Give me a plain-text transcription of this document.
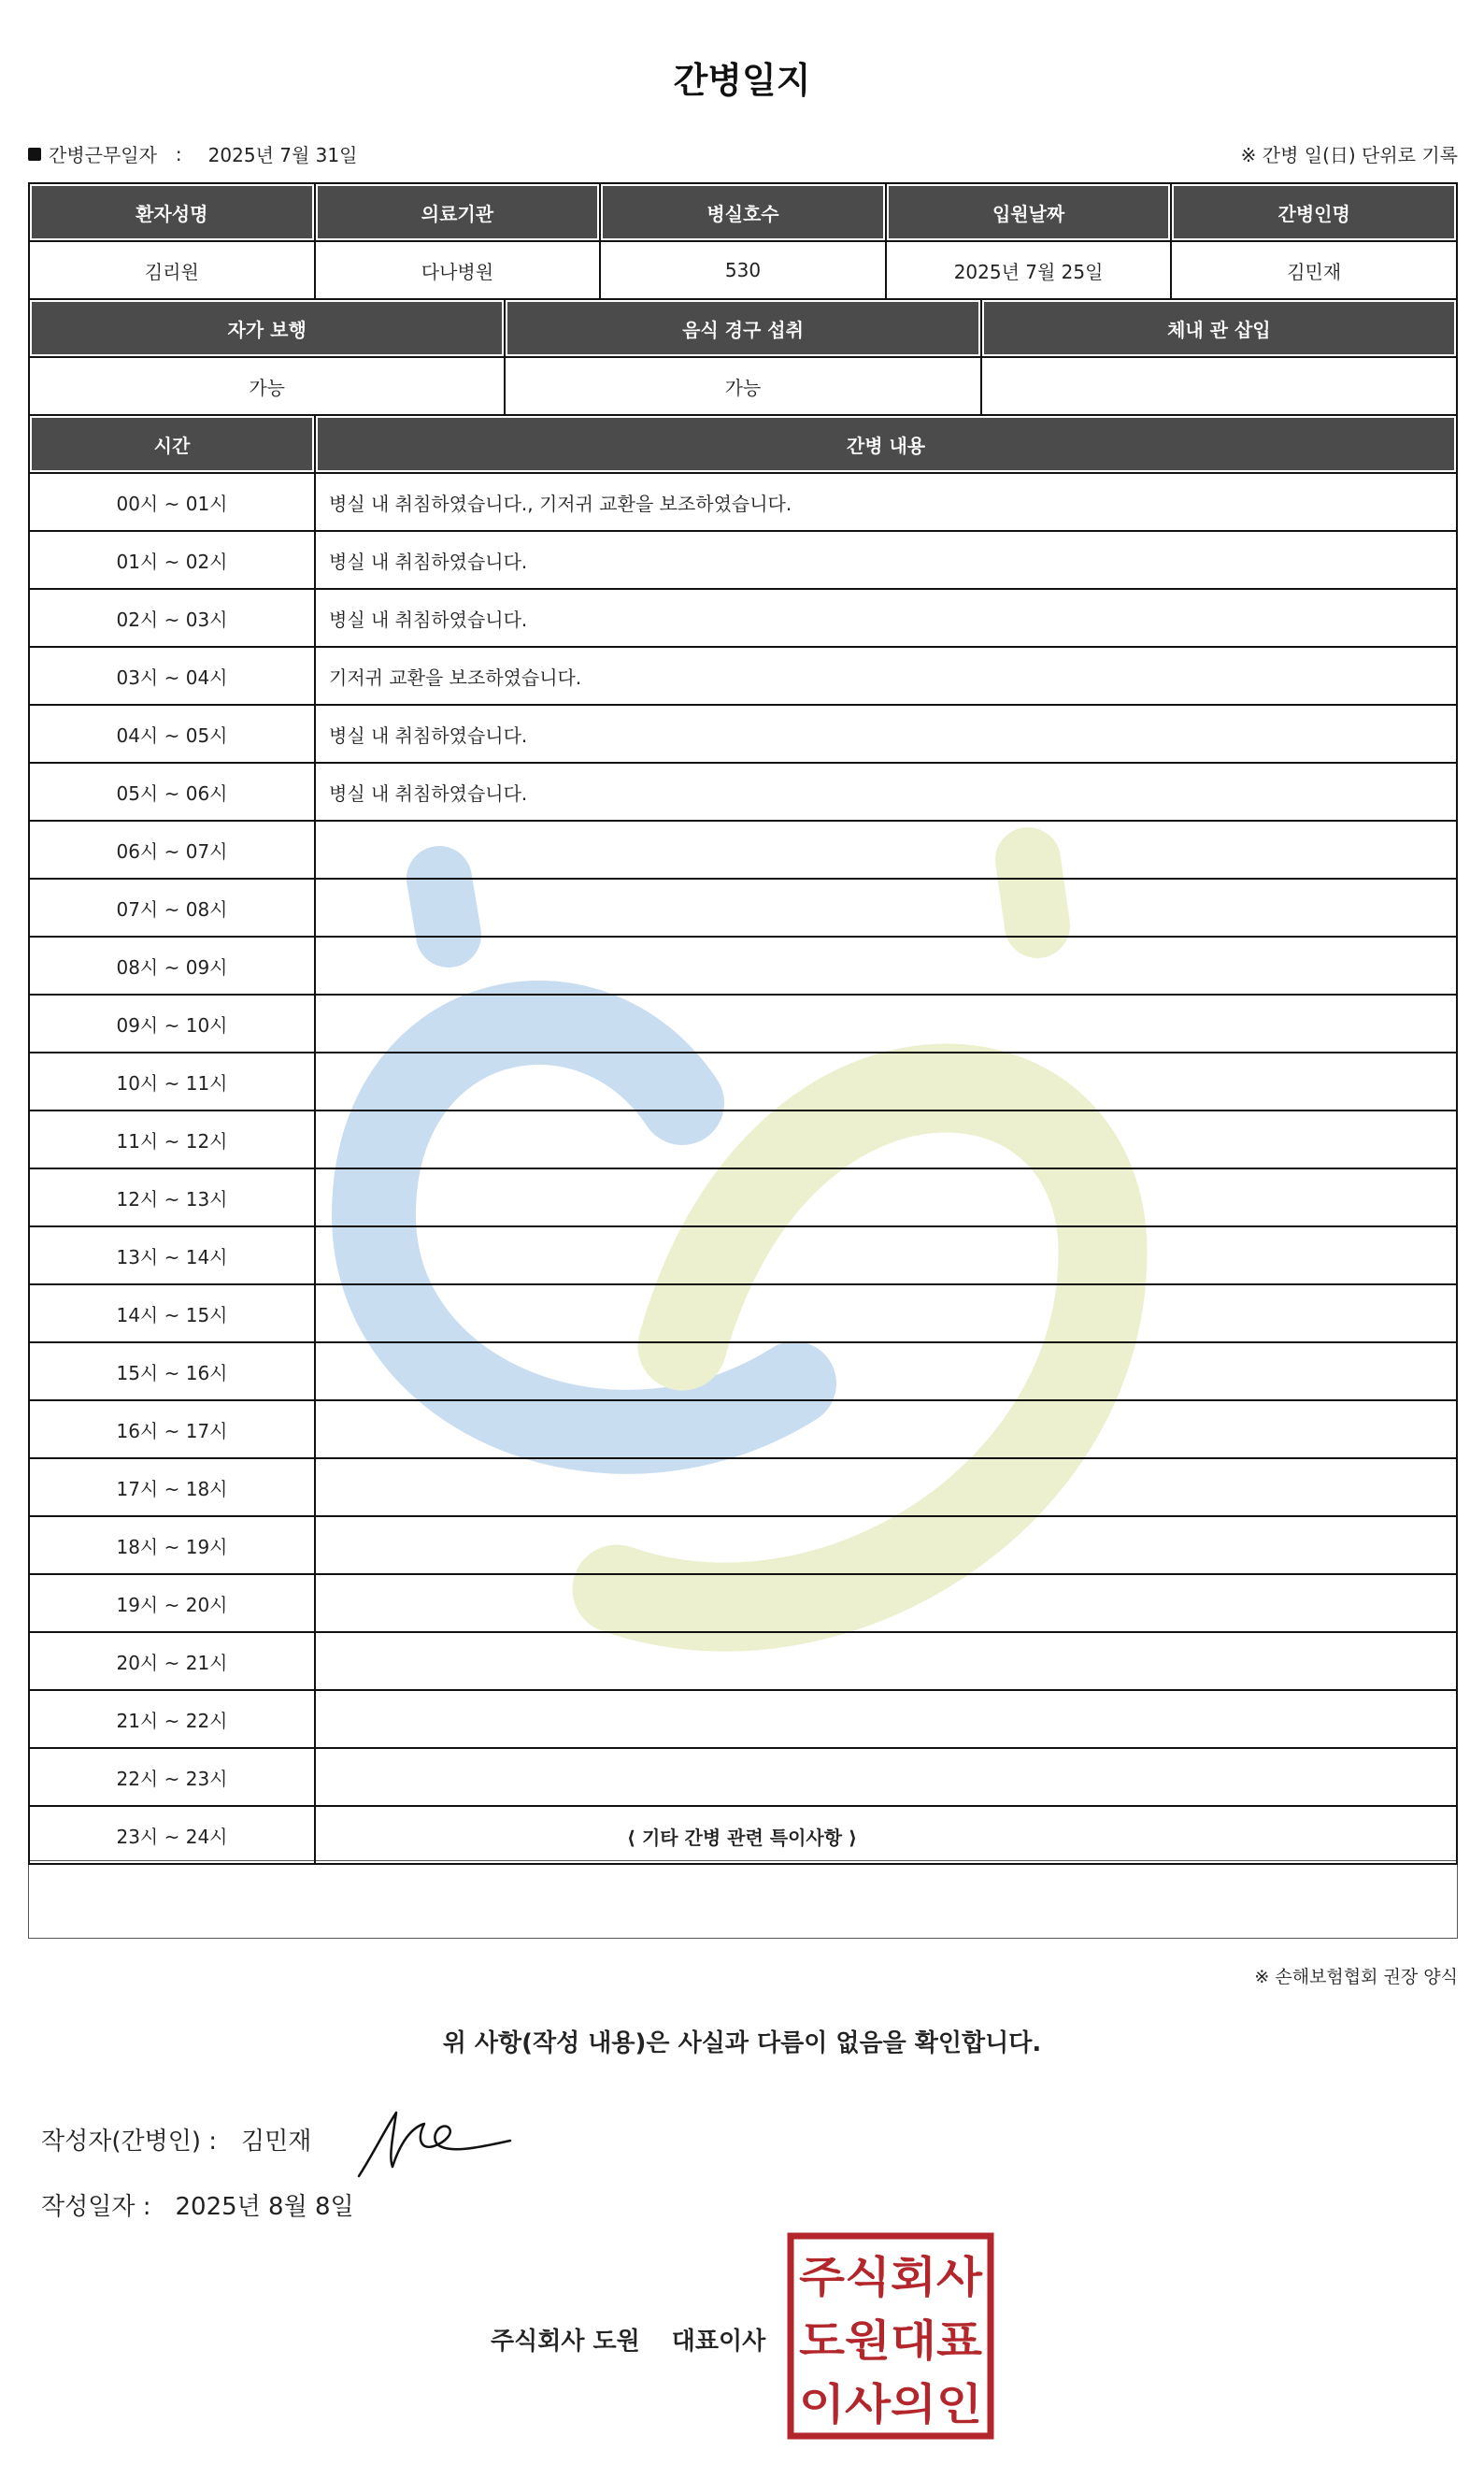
간병일지
간병근무일자 : 2025년 7월 31일	※ 간병 일(日) 단위로 기록
환자성명	의료기관	병실호수	입원날짜	간병인명
김리원	다나병원	530	2025년 7월 25일	김민재
자가 보행	음식 경구 섭취	체내 관 삽입
가능	가능	
시간	간병 내용
00시 ~ 01시	병실 내 취침하였습니다., 기저귀 교환을 보조하였습니다.
01시 ~ 02시	병실 내 취침하였습니다.
02시 ~ 03시	병실 내 취침하였습니다.
03시 ~ 04시	기저귀 교환을 보조하였습니다.
04시 ~ 05시	병실 내 취침하였습니다.
05시 ~ 06시	병실 내 취침하였습니다.
06시 ~ 07시	
07시 ~ 08시	
08시 ~ 09시	
09시 ~ 10시	
10시 ~ 11시	
11시 ~ 12시	
12시 ~ 13시	
13시 ~ 14시	
14시 ~ 15시	
15시 ~ 16시	
16시 ~ 17시	
17시 ~ 18시	
18시 ~ 19시	
19시 ~ 20시	
20시 ~ 21시	
21시 ~ 22시	
22시 ~ 23시	
23시 ~ 24시		⟨ 기타 간병 관련 특이사항 ⟩
※ 손해보험협회 권장 양식
위 사항(작성 내용)은 사실과 다름이 없음을 확인합니다.
작성자(간병인) : 김민재
작성일자 : 2025년 8월 8일
주식회사 도원 대표이사
주식회사
도원대표
이사의인
